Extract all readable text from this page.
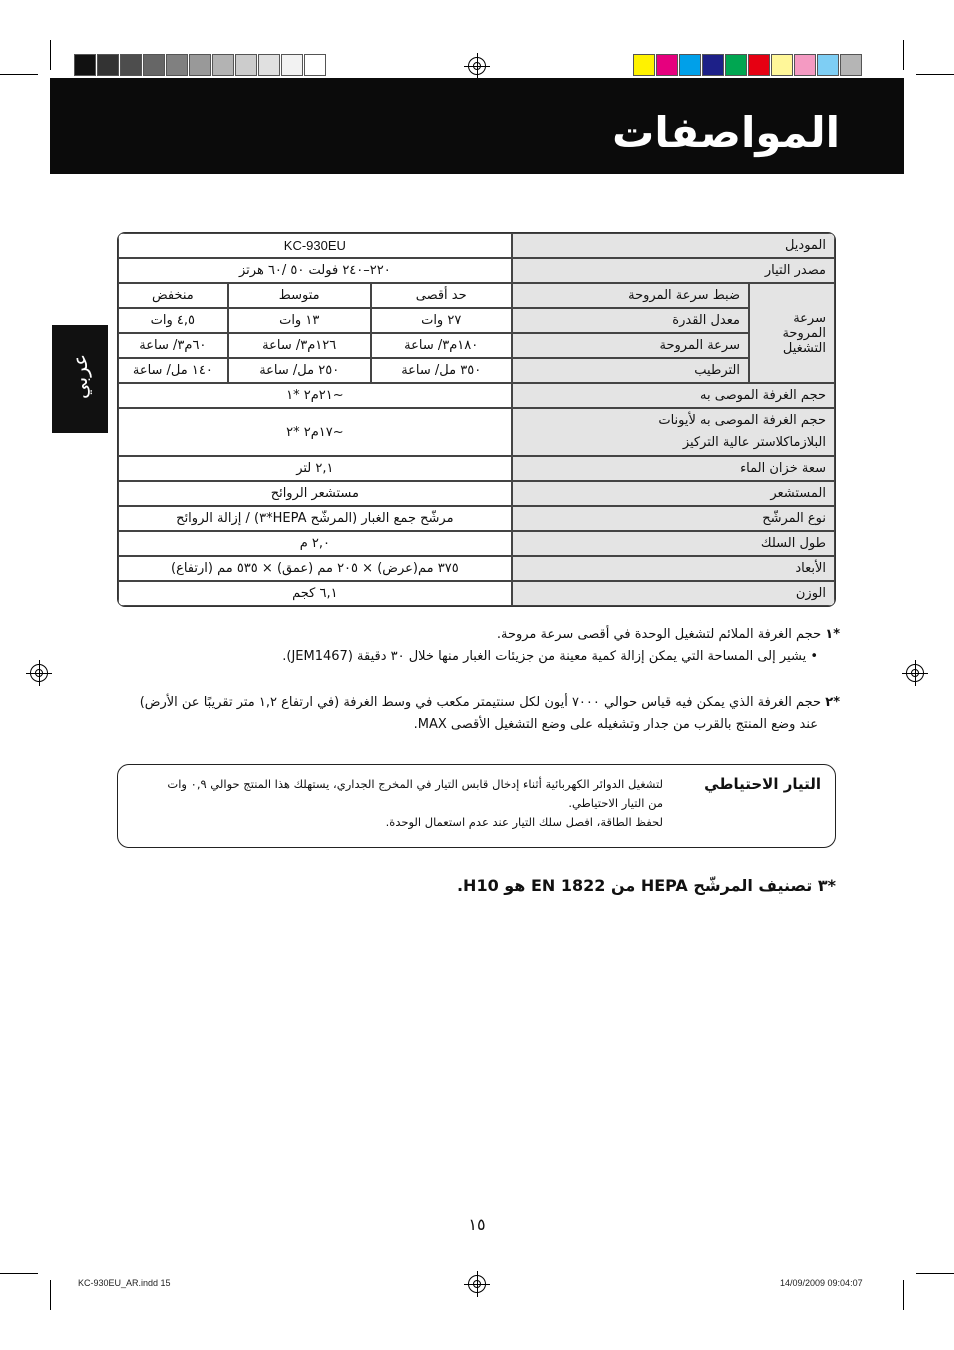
المواصفات
عربي
الموديل		KC-930EU		
مصدر التيار		٢٢٠–٢٤٠ فولت ٥٠ /٦٠ هرتز		
سرعة المروحة التشغيل	ضبط سرعة المروحة	حد أقصى	متوسط	منخفض
	معدل القدرة	٢٧ وات	١٣ وات	٤,٥ وات
	سرعة المروحة	١٨٠م٣/ ساعة	١٢٦م٣/ ساعة	٦٠م٣/ ساعة
	الترطيب	٣٥٠ مل/ ساعة	٢٥٠ مل/ ساعة	١٤٠ مل/ ساعة
حجم الغرفة الموصى به		~٢١م٢ *١		

حجم الغرفة الموصى به لأيونات
البلازماكلاستر عالية التركيز		~١٧م٢ *٢		
سعة خزان الماء		٢,١ لتر		
المستشعر		مستشعر الروائح		
نوع المرشّح		مرشّح جمع الغبار (المرشّح HEPA*٣) / إزالة الروائح		
طول السلك		٢,٠ م		
الأبعاد		٣٧٥ مم(عرض) × ٢٠٥ مم (عمق) × ٥٣٥ مم (ارتفاع)		
الوزن		٦,١ كجم		
*١ حجم الغرفة الملائم لتشغيل الوحدة في أقصى سرعة مروحة.
• يشير إلى المساحة التي يمكن إزالة كمية معينة من جزيئات الغبار منها خلال ٣٠ دقيقة (JEM1467).
*٢ حجم الغرفة الذي يمكن فيه قياس حوالي ٧٠٠٠ أيون لكل سنتيمتر مكعب في وسط الغرفة (في ارتفاع ١,٢ متر تقريبًا عن الأرض)
عند وضع المنتج بالقرب من جدار وتشغيله على وضع التشغيل الأقصى MAX.
التيار الاحتياطي
لتشغيل الدوائر الكهربائية أثناء إدخال قابس التيار في المخرج الجداري، يستهلك هذا المنتج حوالي ٠,٩ وات
من التيار الاحتياطي.
لحفظ الطاقة، افصل سلك التيار عند عدم استعمال الوحدة.
*٣ تصنيف المرشّح HEPA من EN 1822 هو H10.
١٥
KC-930EU_AR.indd 15	14/09/2009 09:04:07
